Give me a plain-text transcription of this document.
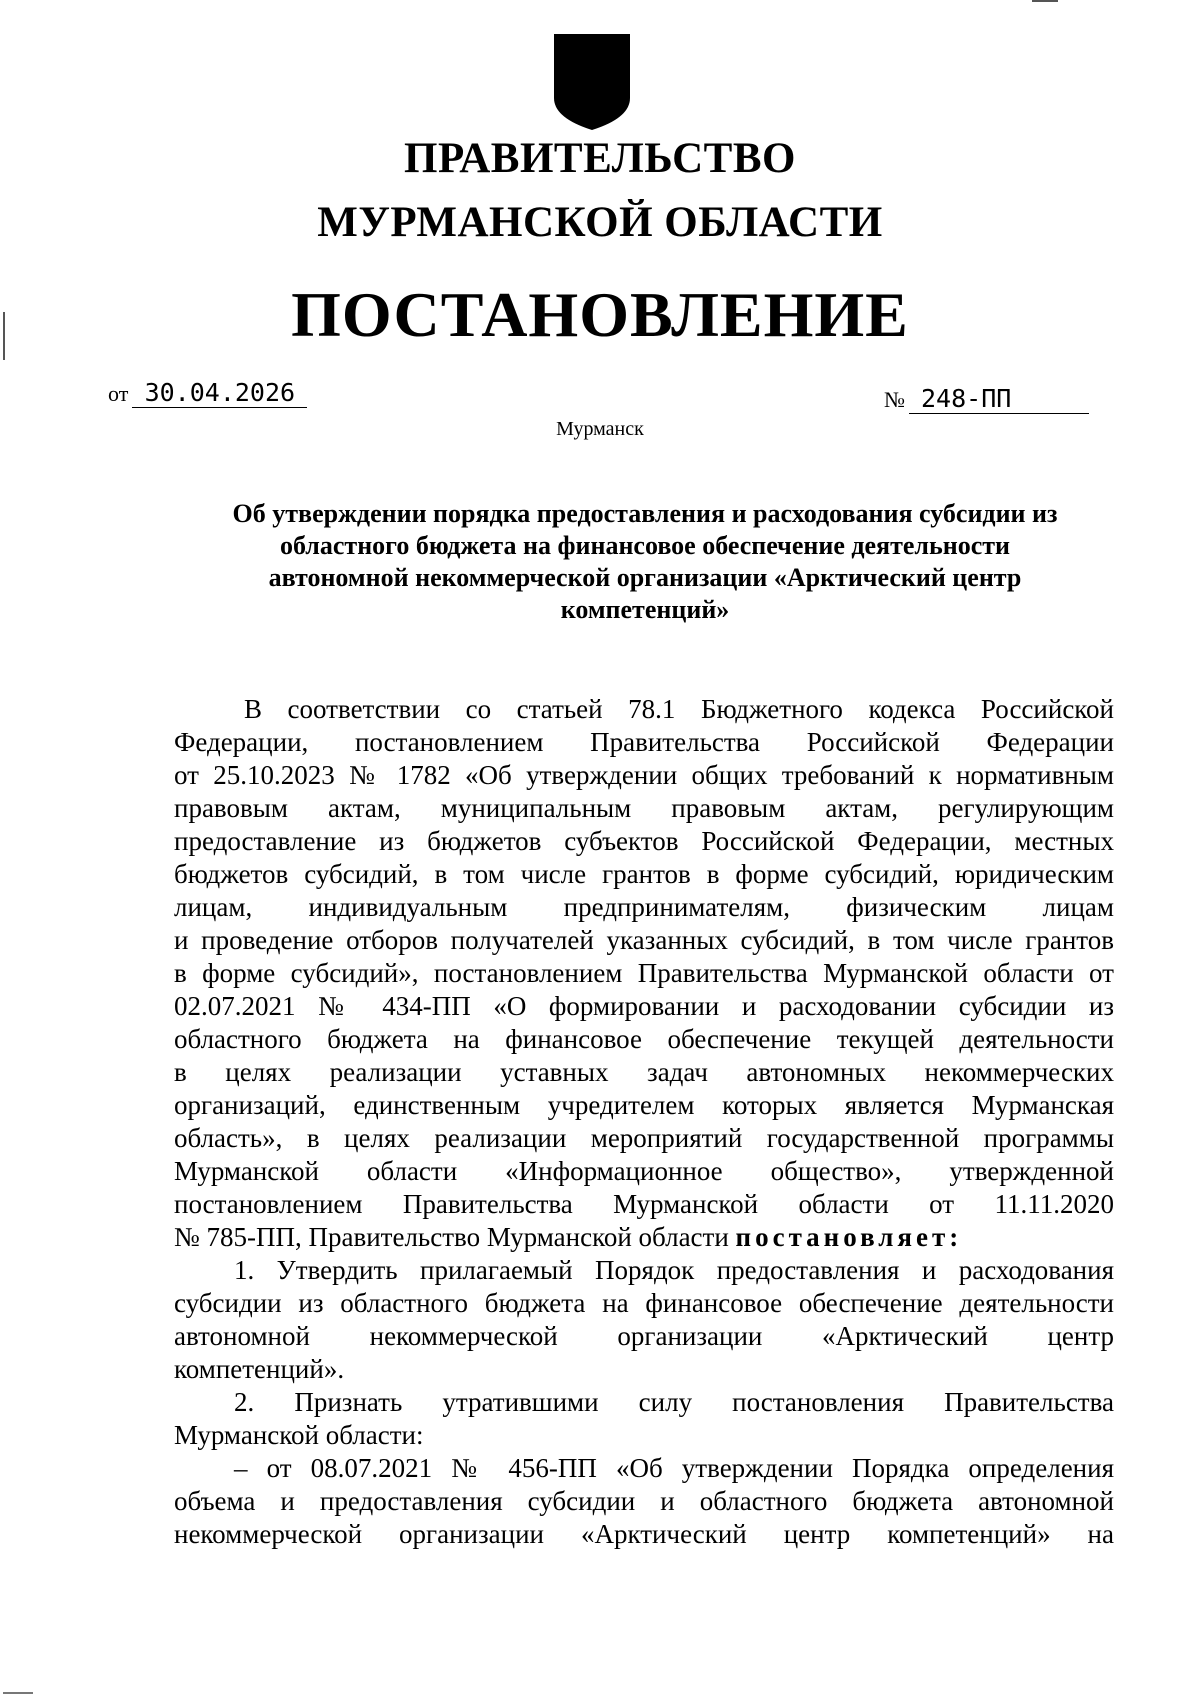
ПРАВИТЕЛЬСТВО
МУРМАНСКОЙ ОБЛАСТИ
ПОСТАНОВЛЕНИЕ
от 30.04.2026	№ 248-ПП
Мурманск
Об утверждении порядка предоставления и расходования субсидии из
областного бюджета на финансовое обеспечение деятельности
автономной некоммерческой организации «Арктический центр
компетенций»
В соответствии со статьей 78.1 Бюджетного кодекса Российской
Федерации, постановлением Правительства Российской Федерации
от 25.10.2023 № 1782 «Об утверждении общих требований к нормативным
правовым актам, муниципальным правовым актам, регулирующим
предоставление из бюджетов субъектов Российской Федерации, местных
бюджетов субсидий, в том числе грантов в форме субсидий, юридическим
лицам, индивидуальным предпринимателям, физическим лицам
и проведение отборов получателей указанных субсидий, в том числе грантов
в форме субсидий», постановлением Правительства Мурманской области от
02.07.2021 № 434-ПП «О формировании и расходовании субсидии из
областного бюджета на финансовое обеспечение текущей деятельности
в целях реализации уставных задач автономных некоммерческих
организаций, единственным учредителем которых является Мурманская
область», в целях реализации мероприятий государственной программы
Мурманской области «Информационное общество», утвержденной
постановлением Правительства Мурманской области от 11.11.2020
№ 785-ПП, Правительство Мурманской области постановляет:
1. Утвердить прилагаемый Порядок предоставления и расходования
субсидии из областного бюджета на финансовое обеспечение деятельности
автономной некоммерческой организации «Арктический центр
компетенций».
2. Признать утратившими силу постановления Правительства
Мурманской области:
– от 08.07.2021 № 456-ПП «Об утверждении Порядка определения
объема и предоставления субсидии и областного бюджета автономной
некоммерческой организации «Арктический центр компетенций» на
